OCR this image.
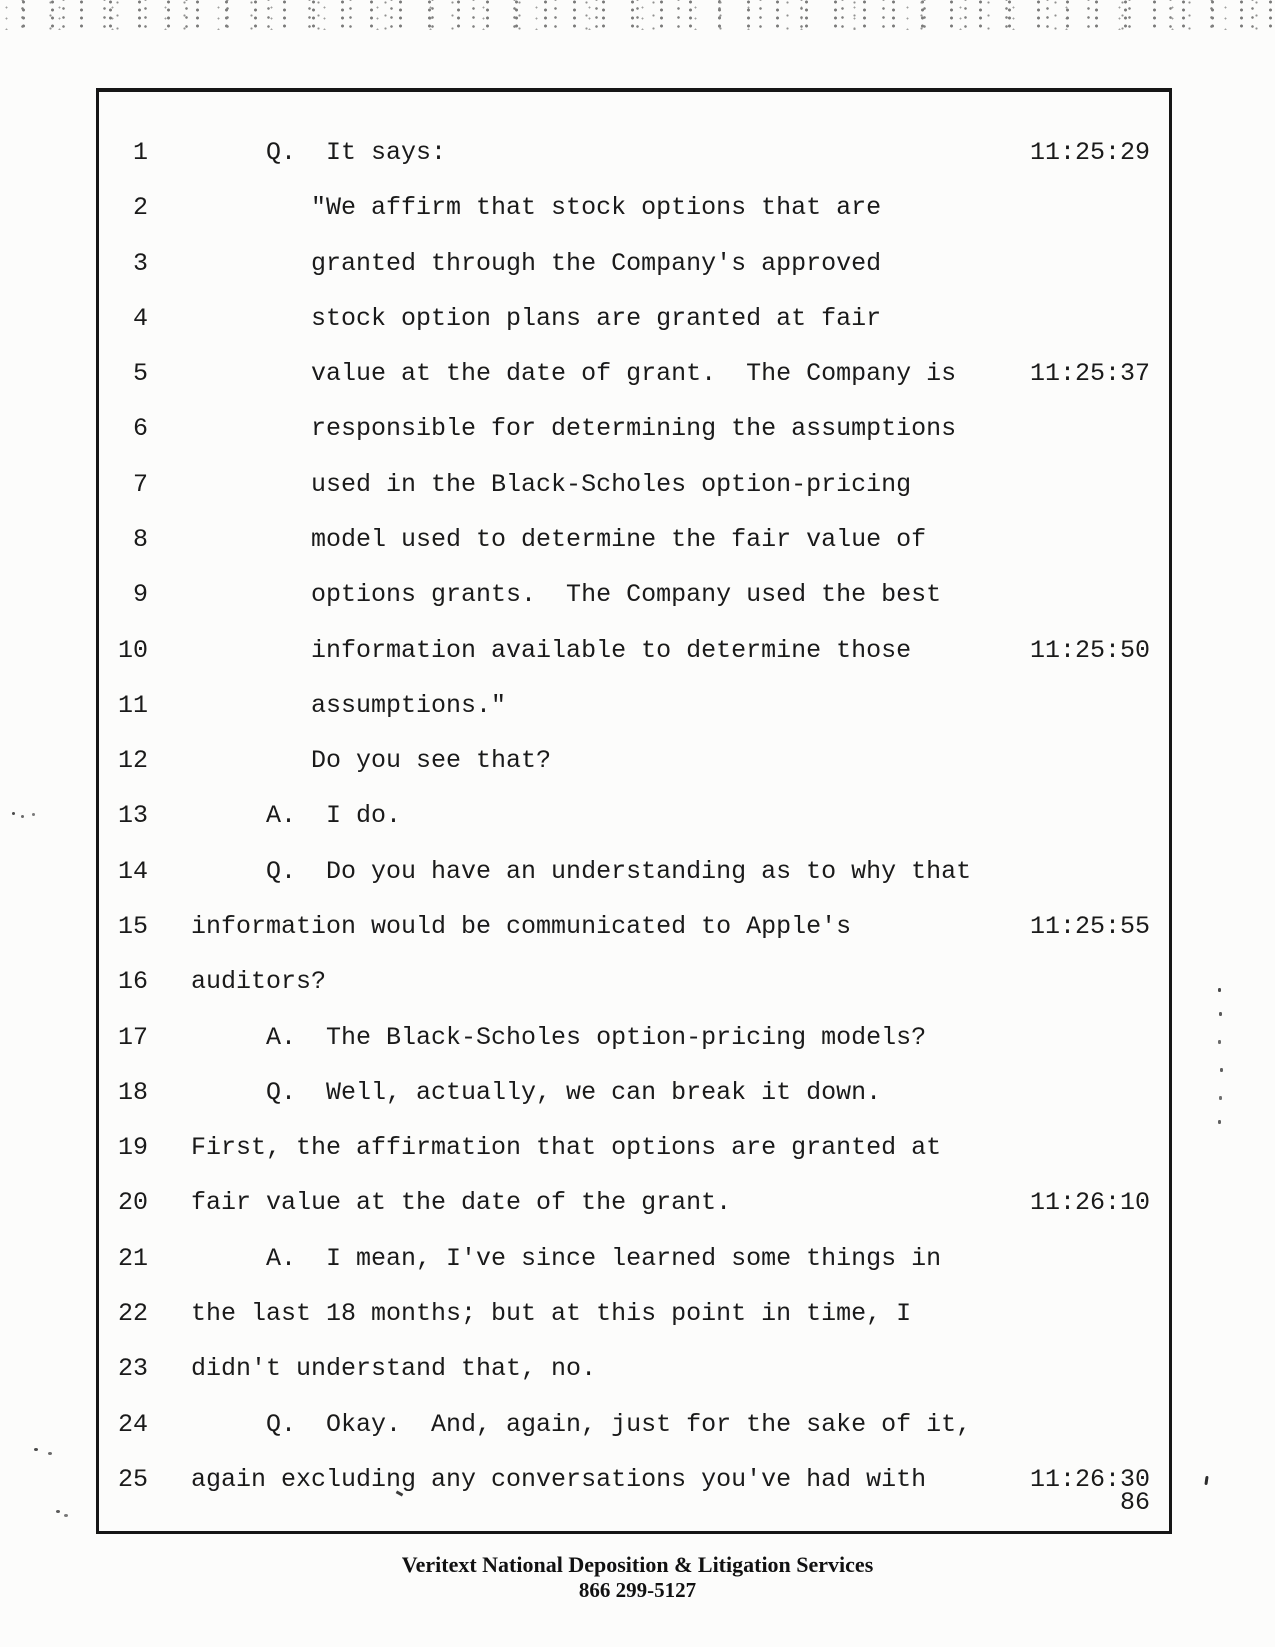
1 Q.  It says:	11:25:29
2 "We affirm that stock options that are
3 granted through the Company's approved
4 stock option plans are granted at fair
5 value at the date of grant.  The Company is	11:25:37
6 responsible for determining the assumptions
7 used in the Black-Scholes option-pricing
8 model used to determine the fair value of
9 options grants.  The Company used the best
10 information available to determine those	11:25:50
11 assumptions."
12 Do you see that?
13 A.  I do.
14 Q.  Do you have an understanding as to why that
15 information would be communicated to Apple's	11:25:55
16 auditors?
17 A.  The Black-Scholes option-pricing models?
18 Q.  Well, actually, we can break it down.
19 First, the affirmation that options are granted at
20 fair value at the date of the grant.	11:26:10
21 A.  I mean, I've since learned some things in
22 the last 18 months; but at this point in time, I
23 didn't understand that, no.
24 Q.  Okay.  And, again, just for the sake of it,
25 again excluding any conversations you've had with	11:26:30
86
Veritext National Deposition & Litigation Services
866 299-5127
